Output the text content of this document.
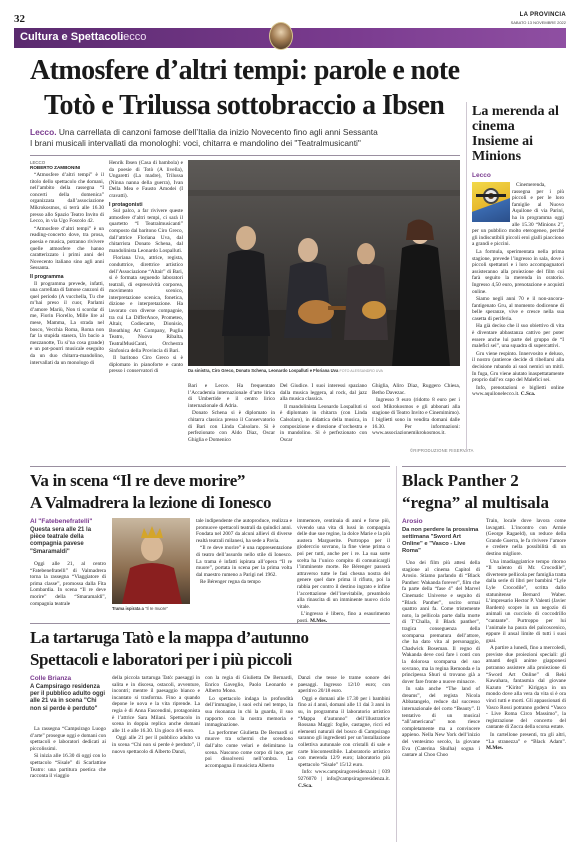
32	LA PROVINCIA
SABATO 13 NOVEMBRE 2022
Cultura e Spettacoli
Lecco
Atmosfere d’altri tempi: parole e note
Totò e Trilussa sottobraccio a Ibsen
Lecco. Una carrellata di canzoni famose dell’Italia da inizio Novecento fino agli anni Sessanta
I brani musicali intervallati da monologhi: voci, chitarra e mandolino dei "Teatralmusicanti"
LECCO
ROBERTO ZAMBONINI

“Atmosfere d’altri tempi” è il titolo dello spettacolo che domani, nell’ambito della rassegna “I concerti della domenica” organizzata dall’associazione Mikrokosmos, si terrà alle 16.30 presso allo Spazio Teatro Invito di Lecco, in via Ugo Foscolo 42.

“Atmosfere d’altri tempi” è un reading-concerto dove, tra prosa, poesia e musica, potranno rivivere quelle atmosfere che hanno caratterizzato i primi anni del Novecento italiano sino agli anni Sessanta.

Il programma

Il programma prevede, infatti, una carrellata di famose canzoni di quel periodo (A vucchella, Tu che m’hai preso il cuor, Parlami d’amore Mariù, Non ti scordar di me, Fiorin Fiorello, Mille lire al mese, Mamma, La strada nel bosco, Vecchia Roma, Roma non far la stupida stasera, Un bacio a mezzanotte, Tu si’na cosa grande) e un pot-pourri musicale eseguito da un duo chitarra-mandolino, intervallati da un monologo di

Henrik Ibsen (Casa di bambola) e da poesie di Totò (A livella), Ungaretti (La madre), Trilussa (Ninna nanna della guerra), Ivan Della Mea e Fausto Amodei (I cravatti).

I protagonisti

Sul palco, a far rivivere queste atmosfere d’altri tempi, ci sarà il quartetto “I Teatralmusicanti” composto dal baritono Ciro Greco, dall’attrice Floriana Uva, dal chitarrista Donato Schena, dal mandolinista Leonardo Lospalluti.

Floriana Uva, attrice, regista, conduttrice, direttrice artistico dell’Associazione “Altair” di Bari, si è formata seguendo laboratori teatrali, di espressività corporea, movimento scenico, interpretazione scenica, fonetica, dizione e interpretazione. Ha lavorato con diverse compagnie, tra cui La DifferAnce, Prometeo, Altair, Codiecarte, Dionisio, Breathing Art Company, Puglia Teatro, Nuova Ribalta, TeatralMusiCanti, Orchestra Sinfonica della Provincia di Bari.

Il baritono Ciro Greco si è diplomato in pianoforte e canto presso i conservatori di	Da sinistra, Ciro Greco, Donato Schena, Leonardo Lospalluti e Floriana Uva FOTO ALESSANDRO UVA

Bari e Lecce. Ha frequentato l’Accademia internazionale d’arte lirica di Umbertide e il centro lirico internazionale di Adria.

Donato Schena si è diplomato in chitarra classica presso il Conservatorio di Bari con Linda Calsolaro. Si è perfezionato con Aldo Diaz, Oscar Ghiglia e Domenico

Del Giudice. I suoi interessi spaziano dalla musica leggera, al rock, dal jazz alla musica classica.

Il mandolinista Leonardo Lospalluti si è diplomato in chitarra (con Linda Calsolaro), in didattica della musica, in composizione e direzione d’orchestra e in mandolino. Si è perfezionato con Oscar

Ghiglia, Aliro Diaz, Ruggero Chiesa, Betho Davezac.

Ingresso 9 euro (ridotto 8 euro per i soci Mikrokosmos e gli abbonati alla stagione di Teatro Invito e Cinemimimo). I biglietti sono in vendita domani dalle 16.30. Per informazioni: www.associazionemikrokosmos.it.

©RIPRODUZIONE RISERVATA
La merenda al cinema Insieme ai Minions
Lecco

Cinemerenda, rassegna per i più piccoli e per le loro famiglie al Nuovo Aquilone di via Parini, ha in programma oggi alle 15.30 “Minions 2”, per un pubblico molto eterogeneo, perché gli indiscutibili piccoli eroi gialli piacciono a grandi e piccini.

La formula, sperimentata nella prima stagione, prevede l’ingresso in sala, dove i piccoli spettatori e i loro accompagnatori assisteranno alla proiezione del film cui farà seguito la merenda in oratorio. Ingresso 4,50 euro, prenotazione e acquisti online.

Siamo negli anni 70 e il non-ancora-fantigenato Gru, al momento dodicenne di belle speranze, vive e cresce nella sua casetta di periferia.

Ha già deciso che il suo obiettivo di vita è diventare abbastanza cattivo per poter essere anche lui parte del gruppo de “I malefici sei”, una squadra di supercattivi.

Gru viene respinto. Innervosito e deluso, il nostro (antieroe decide di ribellarsi alla decisione rubando ai suoi nemici un mitil. In fuga, Gru viene aiutato inaspettatamente proprio dall’ex capo del Malefici sei.

Info, prenotazioni e biglietti online www.aquilonelecco.it. C.Sca.

Va in scena “Il re deve morire”
A Valmadrera la lezione di Ionesco
Al "Fatebenefratelli"
Questa sera alle 21 la pièce teatrale della compagnia pavese "Smaramaldi"

Oggi alle 21, al centro “Fatebenefratelli” di Valmadrera torna la rassegna “Viaggiatore di prima classe”, promossa dalla Fita Lombardia. In scena “Il re deve morire” della “Smaramaldi”, compagnia teatrale

Trama ispirata a “Il re muore”

tale indipendente che autoproduce, realizza e promuove spettacoli teatrali da quindici anni. Fondata nel 2007 da alcuni allievi di diverse realtà teatrali milanesi, ha sede a Pavia.

“Il re deve morire” è una rappresentazione di teatro dell’assurdo nello stile di Ionesco. La trama è infatti ispirata all’opera “Il re muore”, portata in scena per la prima volta dal maestro rumeno a Parigi nel 1962.

Re Bérenger regna da tempo

immemore, centinaia di anni e forse più, vivendo una vita di lussi in compagnia delle due sue regine, la dolce Marie e la più austera Marguerite. Purtroppo per il gioderccio sovrano, la fine viene prima o poi per tutti, anche per i re. La sua sorte scelta ha l’unico compito di comunicargli l’imminente morte. Re Bérenger passerà attraverso tutte le fasi chesna nostra del genere quel dare prima il rifiuto, poi la rabbia per contro il destino ingrato e infine l’accettazione dell’inevitabile, preambolo alla rinascita di un imminente nuovo ciclo vitale.

L’ingresso è libero, fino a esaurimento posti. M.Mes.

La tartaruga Tatò e la mappa d’autunno
Spettacoli e laboratori per i più piccoli
Colle Brianza
A Campsirago residenza per il pubblico adulto oggi alle 21 va in scena "Chi non si perde è perduto"

La rassegna “Campsirago Luogo d’arte” prosegue oggi e domani con spettacoli e laboratori dedicati ai piccolissimi.

Si inizia alle 16.30 di oggi con lo spettacolo “Sisale” di Scarlattine Teatro: una partitura poetica che racconta il viaggio

della piccola tartaruga Tatò: paesaggi in salita e in discesa, ostacoli, avventure, incontri; mentre il paesaggio bianco e incantato si trasforma. Fino a quando depone le uova e la vita riprende. La regia è di Anna Fascendini, protagonista è l’attrice Sara Milani. Spettacolo in scena in doppia replica anche domani alle 11 e alle 16.30. Un gioco 4/6 euro.

Oggi alle 21 per il pubblico adulto va in scena “Chi non si perde è perduto”, il nuovo spettacolo di Alberto Danzi,

con la regia di Giulietta De Bernardi, Enrico Gaveglio, Paolo Leonardo e Alberto Mono.

Lo spettacolo indaga la profondità dell’immagine, i suoi echi nel tempo, la sua risonanza in chi la guarda, il suo rapporto con la nostra memoria e immaginazione.

La performer Giulietta De Bernardi si muove tra schermi che scendono dall’alto come velari e delimitano la scena. Nascono come corpo di luce, per poi dissolversi nell’ombra. La accompagna il musicista Alberto

Danzi che tesse le trame sonore dei paesaggi. Ingresso 12/10 euro; con aperitivo 20/18 euro.

Oggi e domani alle 17.30 per i bambini fino ai 4 anni, domani alle 11 dai 3 anni in su, in programma il laboratorio artistico “Mappa d’autunno” dell’illustratrice Rossana Maggi: foglie, castagne, ricci ed elementi naturali del bosco di Campsirago saranno gli ingredienti per un’installazione collettiva autunnale con cristalli di sale e carte biocomestibile. Laboratorio artistico con merenda 12/9 euro; laboratorio più spettacolo “Sisale” 15/12 euro.

Info: www.campsiragoresidenza.it | 039 9276070 | info@campsiragoresidenza.it. C.Sca.

Black Panther 2
“regna” al multisala
Arosio
Da non perdere la prossima settimana "Sword Art Online" e "Vasco - Live Roma"

Uno dei film più attesi della stagione al cinema Capitol di Arosio. Stiamo parlando di “Black Panther: Wakanda forever”, film che fa parte della “fase 4” del Marvel Cinematic Universe e seguito di “Black Panther”, uscito ormai quattro anni fa. Come tristemente noto, la pellicola parte dalla morte di T’Challa, il Black panther”, tragica conseguenza della scomparsa prematura dell’attore, che ha dato vita al personaggio, Chadwick Boseman. Il regno di Wakanda deve così fare i conti con la dolorosa scomparsa del suo sovrano, ma la regina Remonda e la principessa Shuri si trovano già a dover fare fronte a nuove minacce.

In sala anche “The land of dreams”, del regista Nicola Abbatangelo, reduce dal successo internazionale del corto “Beauty”. Il tentativo di un musical “all’americana” non riesce completamente ma a convincere appieno. Nella New York dell’inizio del ventesimo secolo, la giovane Eva (Caterina Shulha) sogna i cantare al Choo Choo

Train, locale dove lavora come lavagatti. L’incontro con Armie (George Ragaeld), un reduce della Grande Guerra, le fa rivivere l’amore e credere nella possibilità di un destino migliore.

Una imadiaggiatrice tempo ritorno “Il talento di Mr. Crocodile”, divertente pellicola per famiglia tratta dalla serie di libri per bambini “Lyle Lyle Crocodile”, scritta dallo statunitense Bernard Waber. L’impresario Hector P. Valenti (Javier Bardem) scopre in un negozio di animali un cucciolo di coccodrillo “cantante”. Purtroppo per lui l’animale ha paura del palcoscenico, eppure il ansal limite di tutti i suoi guai.

A partire a lunedì, fino a mercoledì, previste due proiezioni speciali: gli amanti degli anime giapponesi potranno assistere alla proiezione di “Sword Art Online” di Reki Kawahara, fantasmia dal giovane Kazuto “Kirito” Kirigaya in un mondo dove alla vera da vita si è ora vinci tutti e morti. Gli appassionati di Vasco Rossi potranno godersi “Vasco - Live Roma Circo Massimo”, la registrazione del concerto del cantante di Zocca della scorsa estate.

In cartellone presenti, tra gli altri, “La stranezza” e “Black Adam”. M.Mes.
